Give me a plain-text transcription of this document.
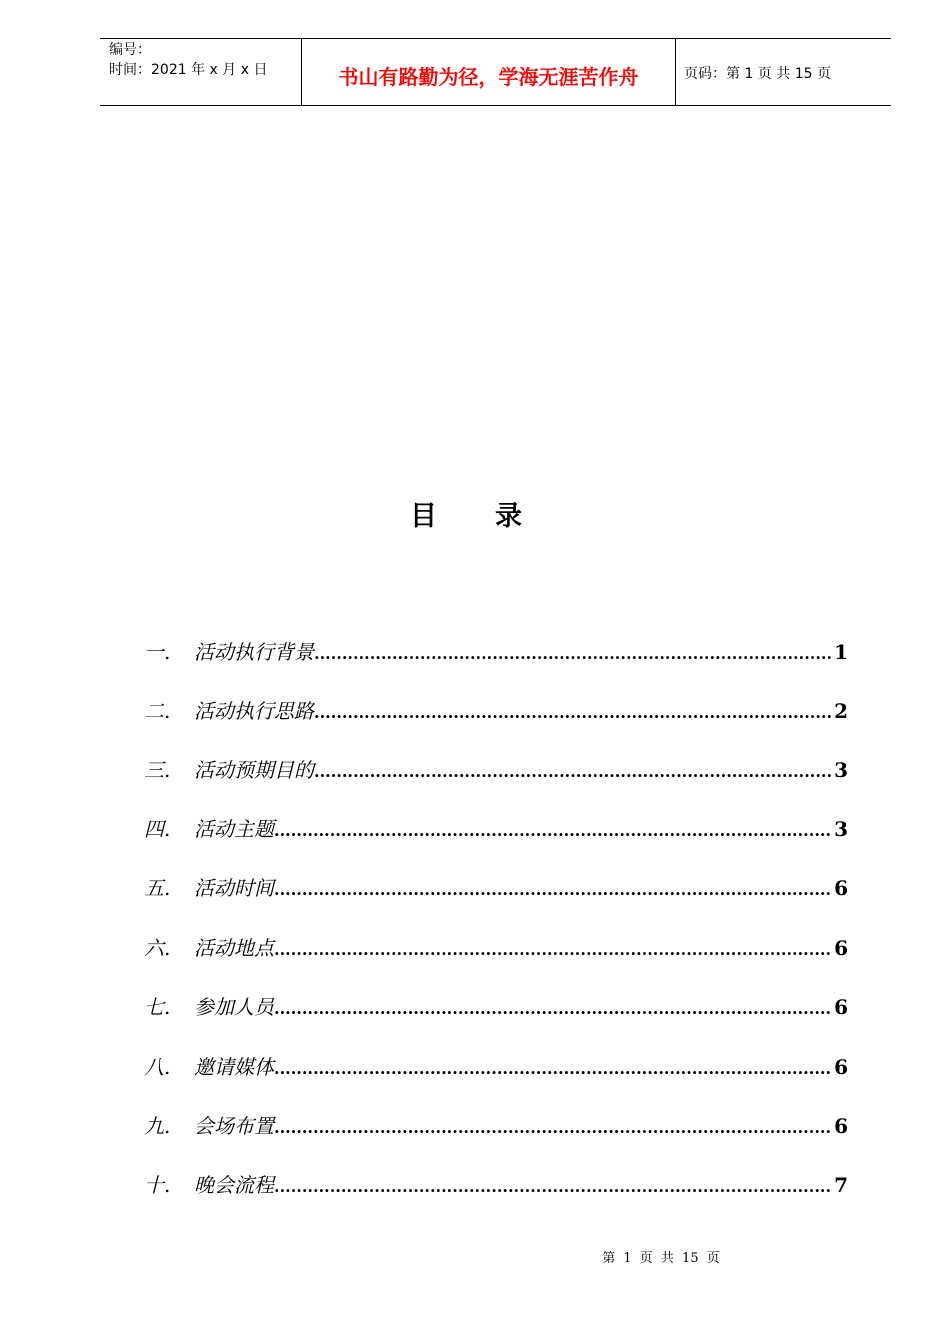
编号：
时间：2021 年 x 月 x 日	书山有路勤为径，学海无涯苦作舟	页码：第 1 页 共 15 页
目录
一.	活动执行背景 .....	1
二.	活动执行思路 .....	2
三.	活动预期目的 .....	3
四.	活动主题 .....	3
五.	活动时间 .....	6
六.	活动地点 .....	6
七.	参加人员 .....	6
八.	邀请媒体 .....	6
九.	会场布置 .....	6
十.	晚会流程 .....	7
第 1 页 共 15 页
